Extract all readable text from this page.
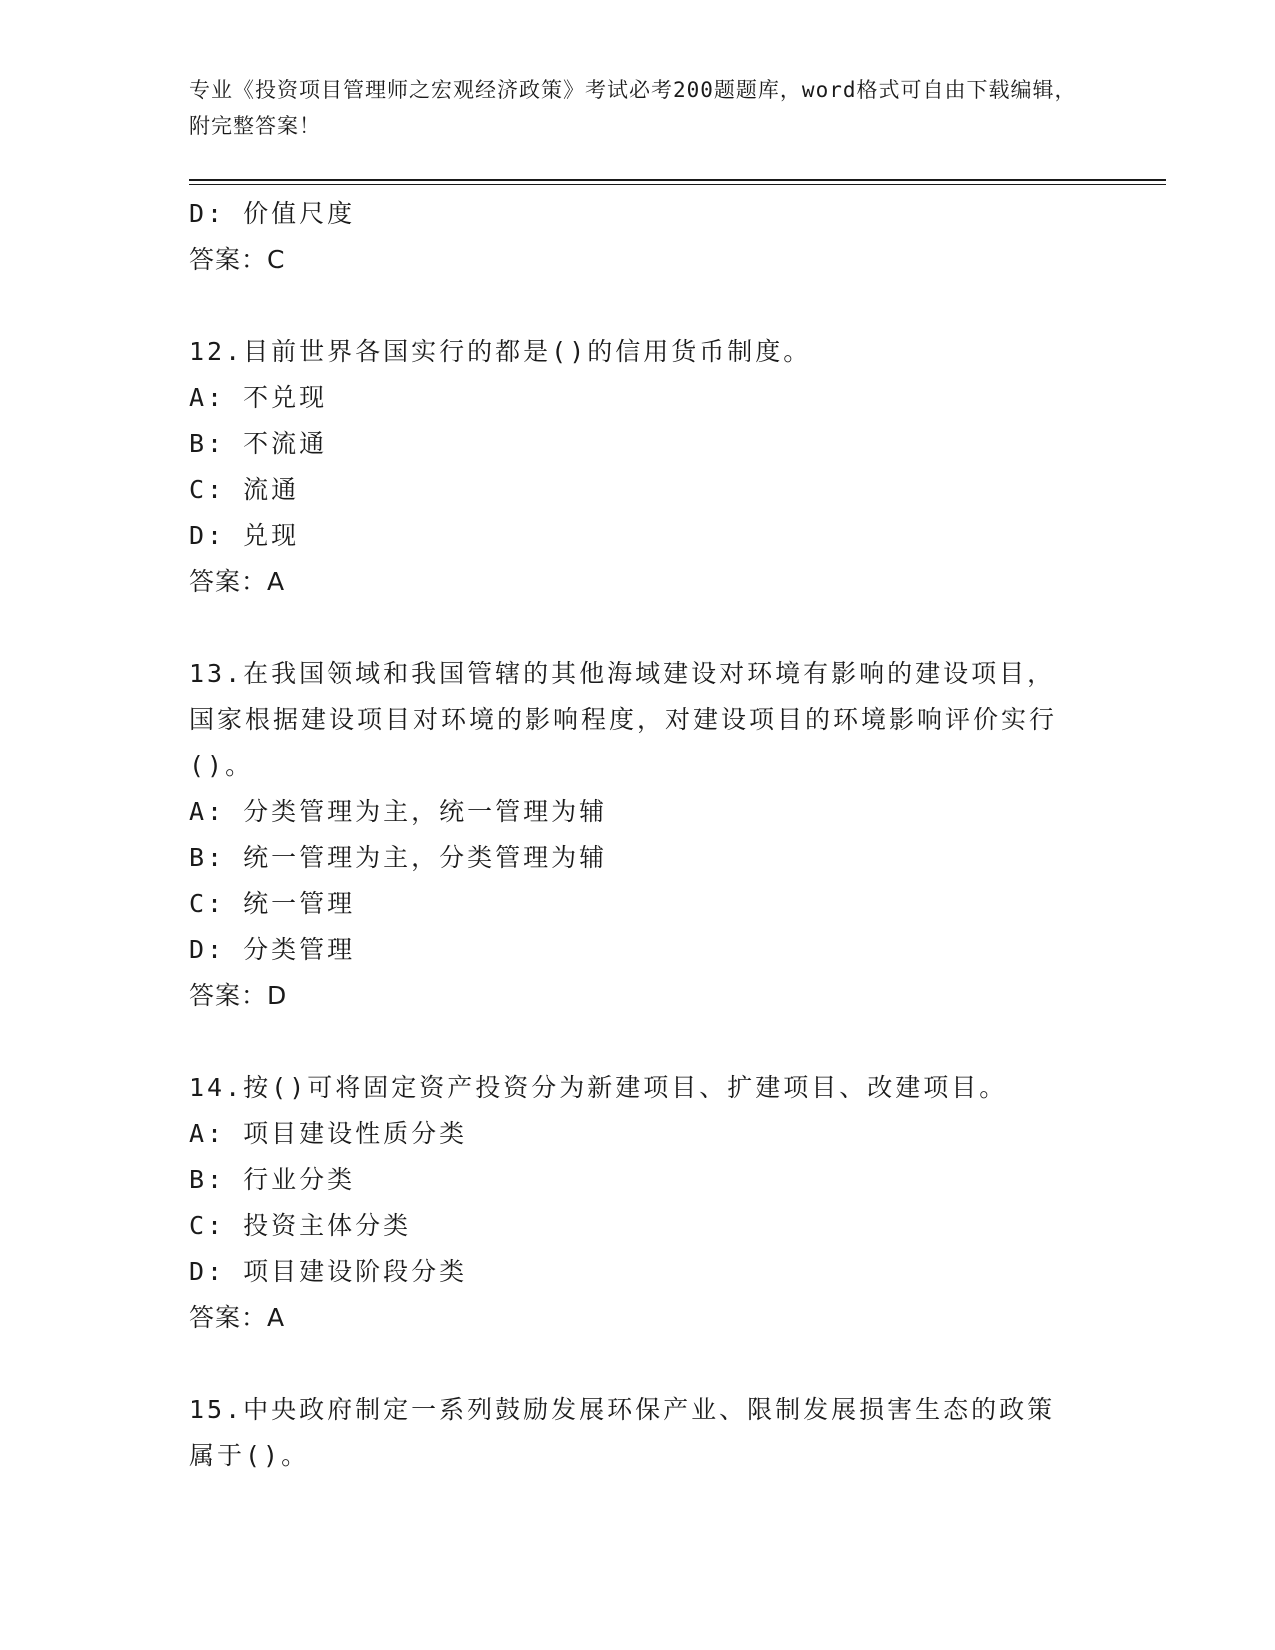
专业《投资项目管理师之宏观经济政策》考试必考200题题库，word格式可自由下载编辑，附完整答案！
D: 价值尺度
答案：C
12.目前世界各国实行的都是()的信用货币制度。
A: 不兑现
B: 不流通
C: 流通
D: 兑现
答案：A
13.在我国领域和我国管辖的其他海域建设对环境有影响的建设项目，国家根据建设项目对环境的影响程度，对建设项目的环境影响评价实行()。
A: 分类管理为主，统一管理为辅
B: 统一管理为主，分类管理为辅
C: 统一管理
D: 分类管理
答案：D
14.按()可将固定资产投资分为新建项目、扩建项目、改建项目。
A: 项目建设性质分类
B: 行业分类
C: 投资主体分类
D: 项目建设阶段分类
答案：A
15.中央政府制定一系列鼓励发展环保产业、限制发展损害生态的政策属于()。
